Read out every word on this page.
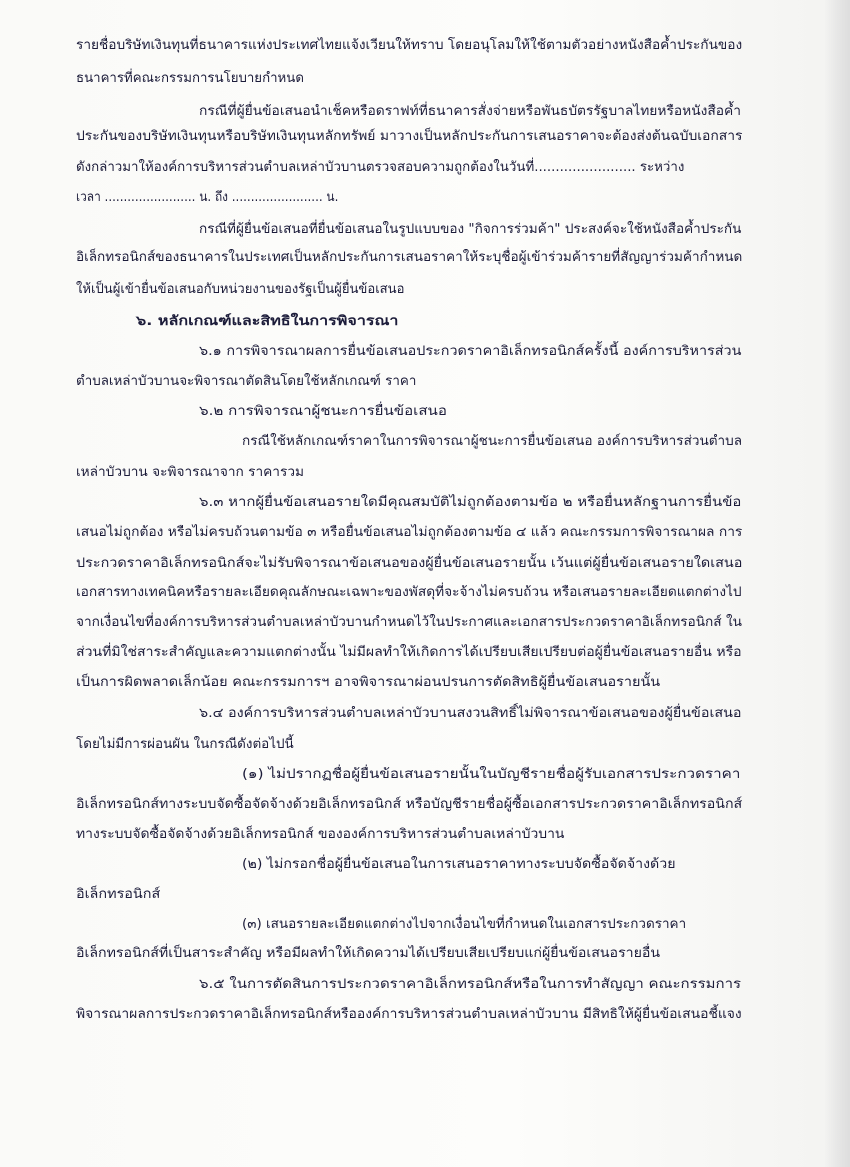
รายชื่อบริษัทเงินทุนที่ธนาคารแห่งประเทศไทยแจ้งเวียนให้ทราบ โดยอนุโลมให้ใช้ตามตัวอย่างหนังสือค้ำประกันของ
ธนาคารที่คณะกรรมการนโยบายกำหนด
กรณีที่ผู้ยื่นข้อเสนอนำเช็คหรือดราฟท์ที่ธนาคารสั่งจ่ายหรือพันธบัตรรัฐบาลไทยหรือหนังสือค้ำ
ประกันของบริษัทเงินทุนหรือบริษัทเงินทุนหลักทรัพย์ มาวางเป็นหลักประกันการเสนอราคาจะต้องส่งต้นฉบับเอกสาร
ดังกล่าวมาให้องค์การบริหารส่วนตำบลเหล่าบัวบานตรวจสอบความถูกต้องในวันที่........................ ระหว่าง
เวลา ........................ น. ถึง ........................ น.
กรณีที่ผู้ยื่นข้อเสนอที่ยื่นข้อเสนอในรูปแบบของ "กิจการร่วมค้า" ประสงค์จะใช้หนังสือค้ำประกัน
อิเล็กทรอนิกส์ของธนาคารในประเทศเป็นหลักประกันการเสนอราคาให้ระบุชื่อผู้เข้าร่วมค้ารายที่สัญญาร่วมค้ากำหนด
ให้เป็นผู้เข้ายื่นข้อเสนอกับหน่วยงานของรัฐเป็นผู้ยื่นข้อเสนอ
๖. หลักเกณฑ์และสิทธิในการพิจารณา
๖.๑ การพิจารณาผลการยื่นข้อเสนอประกวดราคาอิเล็กทรอนิกส์ครั้งนี้ องค์การบริหารส่วน
ตำบลเหล่าบัวบานจะพิจารณาตัดสินโดยใช้หลักเกณฑ์ ราคา
๖.๒ การพิจารณาผู้ชนะการยื่นข้อเสนอ
กรณีใช้หลักเกณฑ์ราคาในการพิจารณาผู้ชนะการยื่นข้อเสนอ องค์การบริหารส่วนตำบล
เหล่าบัวบาน จะพิจารณาจาก ราคารวม
๖.๓ หากผู้ยื่นข้อเสนอรายใดมีคุณสมบัติไม่ถูกต้องตามข้อ ๒ หรือยื่นหลักฐานการยื่นข้อ
เสนอไม่ถูกต้อง หรือไม่ครบถ้วนตามข้อ ๓ หรือยื่นข้อเสนอไม่ถูกต้องตามข้อ ๔ แล้ว คณะกรรมการพิจารณาผล การ
ประกวดราคาอิเล็กทรอนิกส์จะไม่รับพิจารณาข้อเสนอของผู้ยื่นข้อเสนอรายนั้น เว้นแต่ผู้ยื่นข้อเสนอรายใดเสนอ
เอกสารทางเทคนิคหรือรายละเอียดคุณลักษณะเฉพาะของพัสดุที่จะจ้างไม่ครบถ้วน หรือเสนอรายละเอียดแตกต่างไป
จากเงื่อนไขที่องค์การบริหารส่วนตำบลเหล่าบัวบานกำหนดไว้ในประกาศและเอกสารประกวดราคาอิเล็กทรอนิกส์ ใน
ส่วนที่มิใช่สาระสำคัญและความแตกต่างนั้น ไม่มีผลทำให้เกิดการได้เปรียบเสียเปรียบต่อผู้ยื่นข้อเสนอรายอื่น หรือ
เป็นการผิดพลาดเล็กน้อย คณะกรรมการฯ อาจพิจารณาผ่อนปรนการตัดสิทธิผู้ยื่นข้อเสนอรายนั้น
๖.๔ องค์การบริหารส่วนตำบลเหล่าบัวบานสงวนสิทธิ์ไม่พิจารณาข้อเสนอของผู้ยื่นข้อเสนอ
โดยไม่มีการผ่อนผัน ในกรณีดังต่อไปนี้
(๑) ไม่ปรากฏชื่อผู้ยื่นข้อเสนอรายนั้นในบัญชีรายชื่อผู้รับเอกสารประกวดราคา
อิเล็กทรอนิกส์ทางระบบจัดซื้อจัดจ้างด้วยอิเล็กทรอนิกส์ หรือบัญชีรายชื่อผู้ซื้อเอกสารประกวดราคาอิเล็กทรอนิกส์
ทางระบบจัดซื้อจัดจ้างด้วยอิเล็กทรอนิกส์ ขององค์การบริหารส่วนตำบลเหล่าบัวบาน
(๒) ไม่กรอกชื่อผู้ยื่นข้อเสนอในการเสนอราคาทางระบบจัดซื้อจัดจ้างด้วย
อิเล็กทรอนิกส์
(๓) เสนอรายละเอียดแตกต่างไปจากเงื่อนไขที่กำหนดในเอกสารประกวดราคา
อิเล็กทรอนิกส์ที่เป็นสาระสำคัญ หรือมีผลทำให้เกิดความได้เปรียบเสียเปรียบแก่ผู้ยื่นข้อเสนอรายอื่น
๖.๕ ในการตัดสินการประกวดราคาอิเล็กทรอนิกส์หรือในการทำสัญญา คณะกรรมการ
พิจารณาผลการประกวดราคาอิเล็กทรอนิกส์หรือองค์การบริหารส่วนตำบลเหล่าบัวบาน มีสิทธิให้ผู้ยื่นข้อเสนอชี้แจง
